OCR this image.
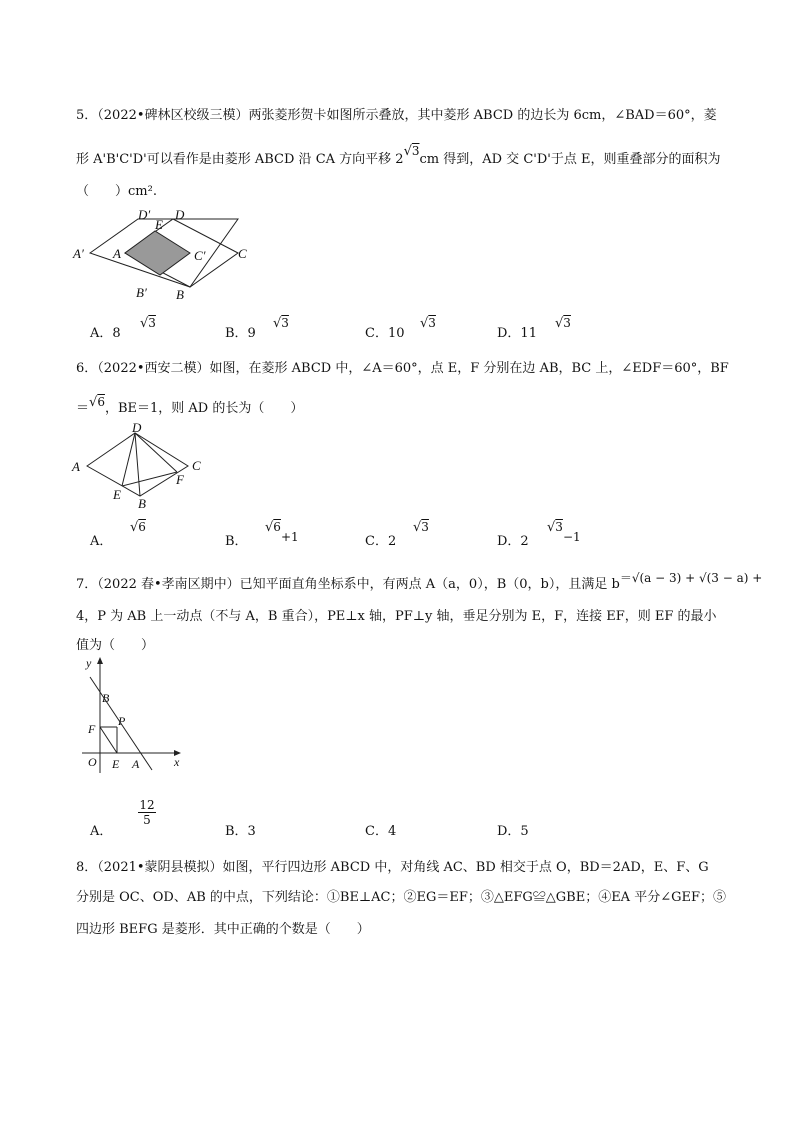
5．（2022•碑林区校级三模）两张菱形贺卡如图所示叠放，其中菱形 ABCD 的边长为 6cm，∠BAD＝60°，菱
形 A'B'C'D'可以看作是由菱形 ABCD 沿 CA 方向平移 2√3cm 得到，AD 交 C'D'于点 E，则重叠部分的面积为
（　　）cm².
D′ D
E
A′ A	C′ C
B′ B
A．8
√3
B．9
√3
C．10
√3
D．11
√3
6．（2022•西安二模）如图，在菱形 ABCD 中，∠A＝60°，点 E，F 分别在边 AB，BC 上，∠EDF＝60°，BF
＝√6，BE＝1，则 AD 的长为（　　）
D
A	C
F
E
B
A．
√6
B．
√6+1	C．2
√3
D．2
√3−1
7．（2022 春•孝南区期中）已知平面直角坐标系中，有两点 A（a，0），B（0，b），且满足 b＝√(a − 3) + √(3 − a) +
4，P 为 AB 上一动点（不与 A，B 重合），PE⊥x 轴，PF⊥y 轴，垂足分别为 E，F，连接 EF，则 EF 的最小
值为（　　）
y
B
F
P
O E A	x
A．
$\frac{12}{5}$
B．3	C．4	D．5
8．（2021•蒙阴县模拟）如图，平行四边形 ABCD 中，对角线 AC、BD 相交于点 O，BD＝2AD，E、F、G
分别是 OC、OD、AB 的中点，下列结论：①BE⊥AC；②EG＝EF；③△EFG≌△GBE；④EA 平分∠GEF；⑤
四边形 BEFG 是菱形．其中正确的个数是（　　）
